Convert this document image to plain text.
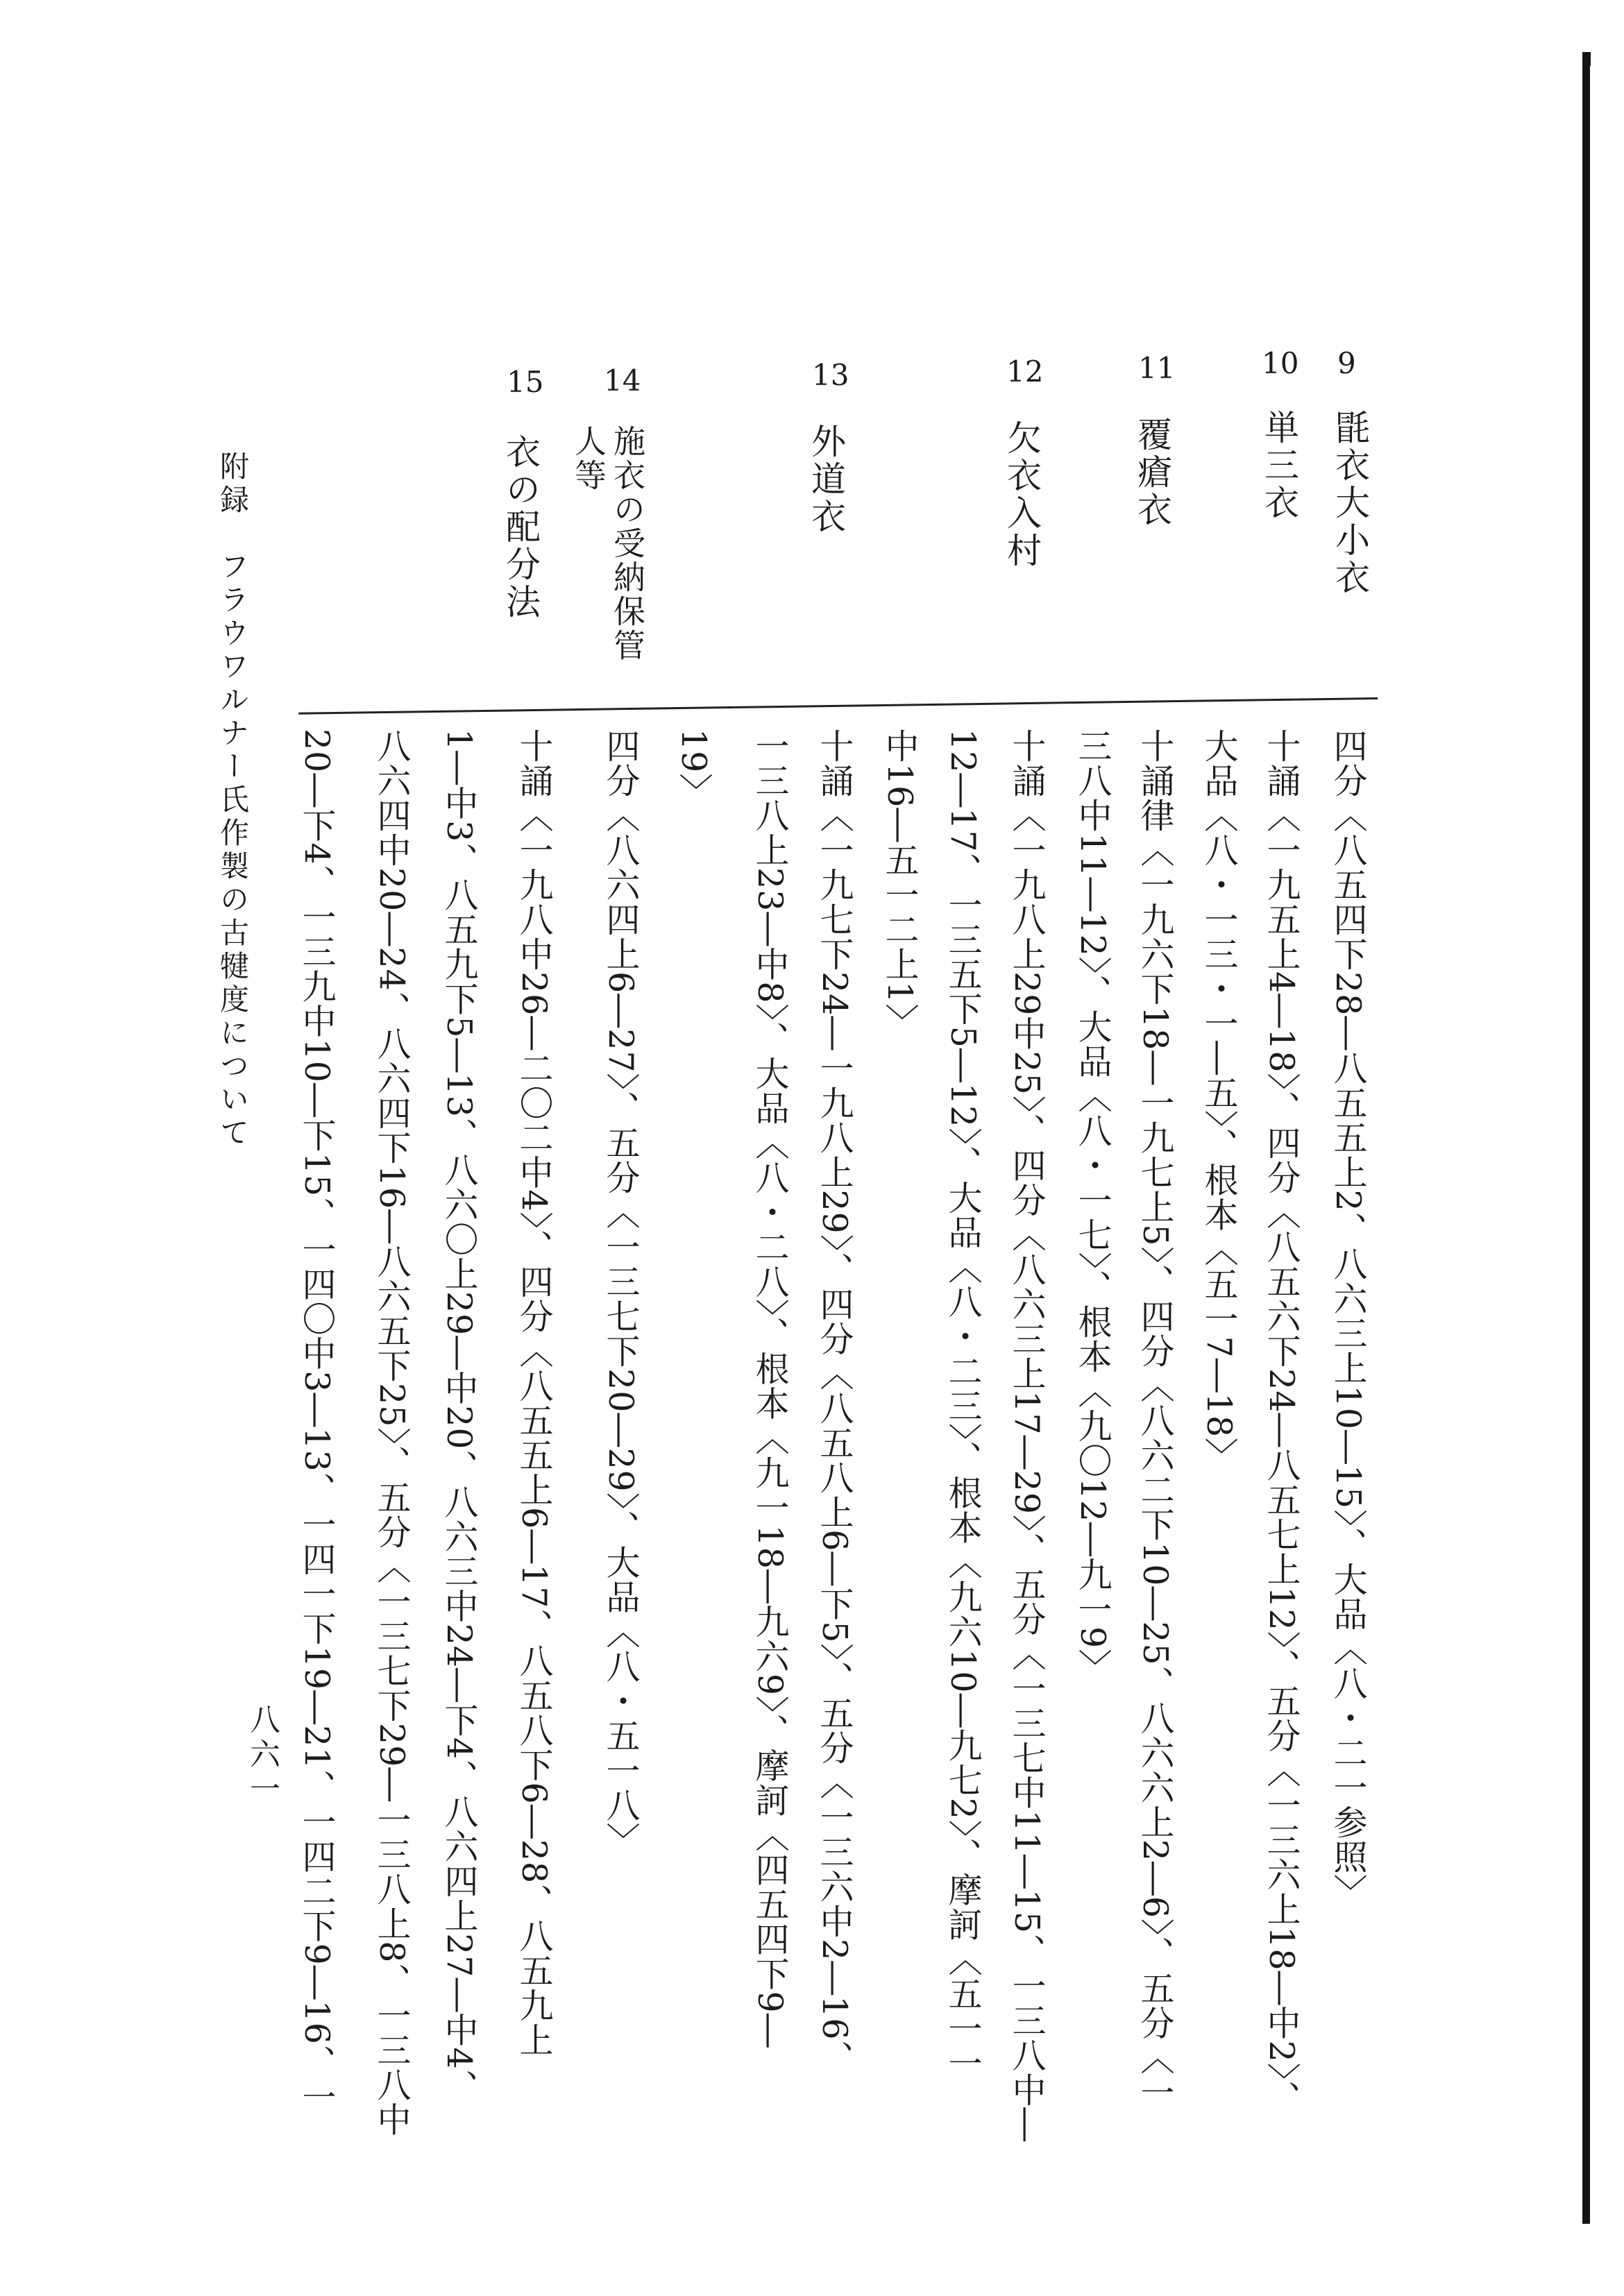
9
10
11
12
13
14
15
毷衣大小衣
単三衣
覆瘡衣
欠衣入村
外道衣
施衣の受納保管
人等
衣の配分法
四分〈八五四下28―八五五上2、八六三上10―15〉、大品〈八・二一参照〉
十誦〈一九五上4―18〉、四分〈八五六下24―八五七上12〉、五分〈一三六上18―中2〉、
大品〈八・一三・一―五〉、根本〈五一7―18〉
十誦律〈一九六下18―一九七上5〉、四分〈八六二下10―25、八六六上2―6〉、五分〈一
三八中11―12〉、大品〈八・一七〉、根本〈九〇12―九一9〉
十誦〈一九八上29中25〉、四分〈八六三上17―29〉、五分〈一三七中11―15、一三八中―
12―17、一三五下5―12〉、大品〈八・二三〉、根本〈九六10―九七2〉、摩訶〈五一一
中16―五一二上1〉
十誦〈一九七下24―一九八上29〉、四分〈八五八上6―下5〉、五分〈一三六中2―16、
一三八上23―中8〉、大品〈八・二八〉、根本〈九一18―九六9〉、摩訶〈四五四下9―
19〉
四分〈八六四上6―27〉、五分〈一三七下20―29〉、大品〈八・五一八〉
十誦〈一九八中26―二〇二中4〉、四分〈八五五上6―17、八五八下6―28、八五九上
1―中3、八五九下5―13、八六〇上29―中20、八六三中24―下4、八六四上27―中4、
八六四中20―24、八六四下16―八六五下25〉、五分〈一三七下29―一三八上8、一三八中
20―下4、一三九中10―下15、一四〇中3―13、一四一下19―21、一四二下9―16、一
附録　フラウワルナー氏作製の古犍度について
八六一
